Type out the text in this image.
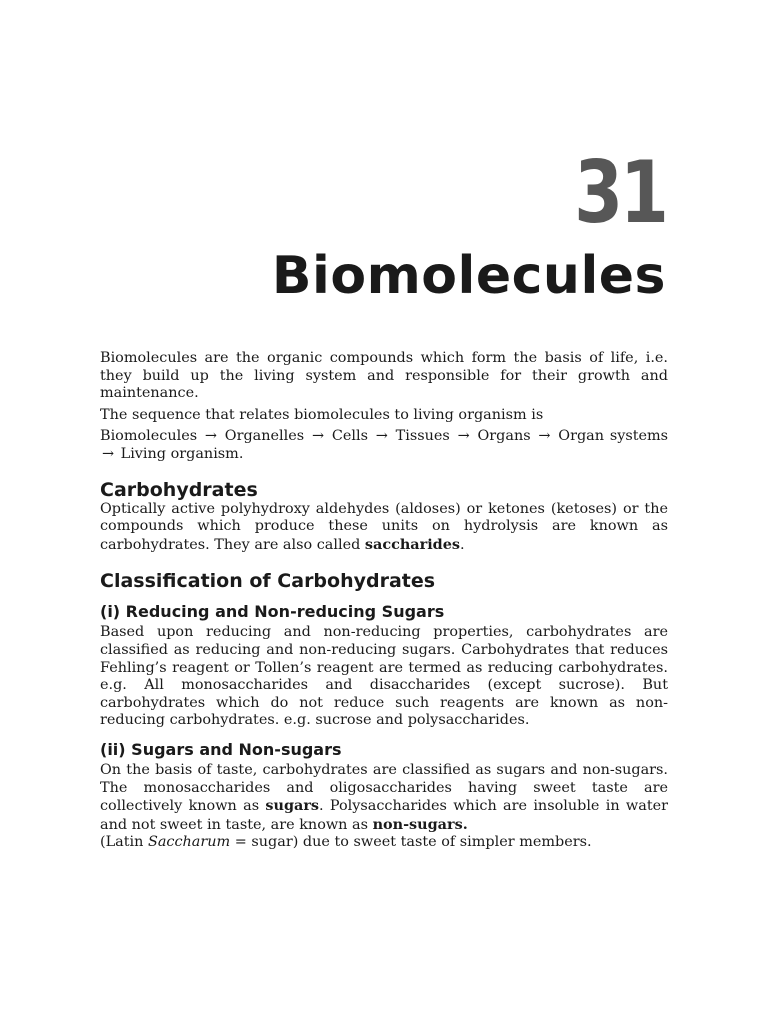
31
Biomolecules

Biomolecules are the organic compounds which form the basis of life, i.e. they build up the living system and responsible for their growth and maintenance.

The sequence that relates biomolecules to living organism is

Biomolecules → Organelles → Cells → Tissues → Organs → Organ systems → Living organism.

Carbohydrates

Optically active polyhydroxy aldehydes (aldoses) or ketones (ketoses) or the compounds which produce these units on hydrolysis are known as carbohydrates. They are also called saccharides.

Classification of Carbohydrates
(i) Reducing and Non-reducing Sugars

Based upon reducing and non-reducing properties, carbohydrates are classified as reducing and non-reducing sugars. Carbohydrates that reduces Fehling’s reagent or Tollen’s reagent are termed as reducing carbohydrates. e.g. All monosaccharides and disaccharides (except sucrose). But carbohydrates which do not reduce such reagents are known as non-reducing carbohydrates. e.g. sucrose and polysaccharides.

(ii) Sugars and Non-sugars

On the basis of taste, carbohydrates are classified as sugars and non-sugars. The monosaccharides and oligosaccharides having sweet taste are collectively known as sugars. Polysaccharides which are insoluble in water and not sweet in taste, are known as non-sugars.
(Latin Saccharum = sugar) due to sweet taste of simpler members.
